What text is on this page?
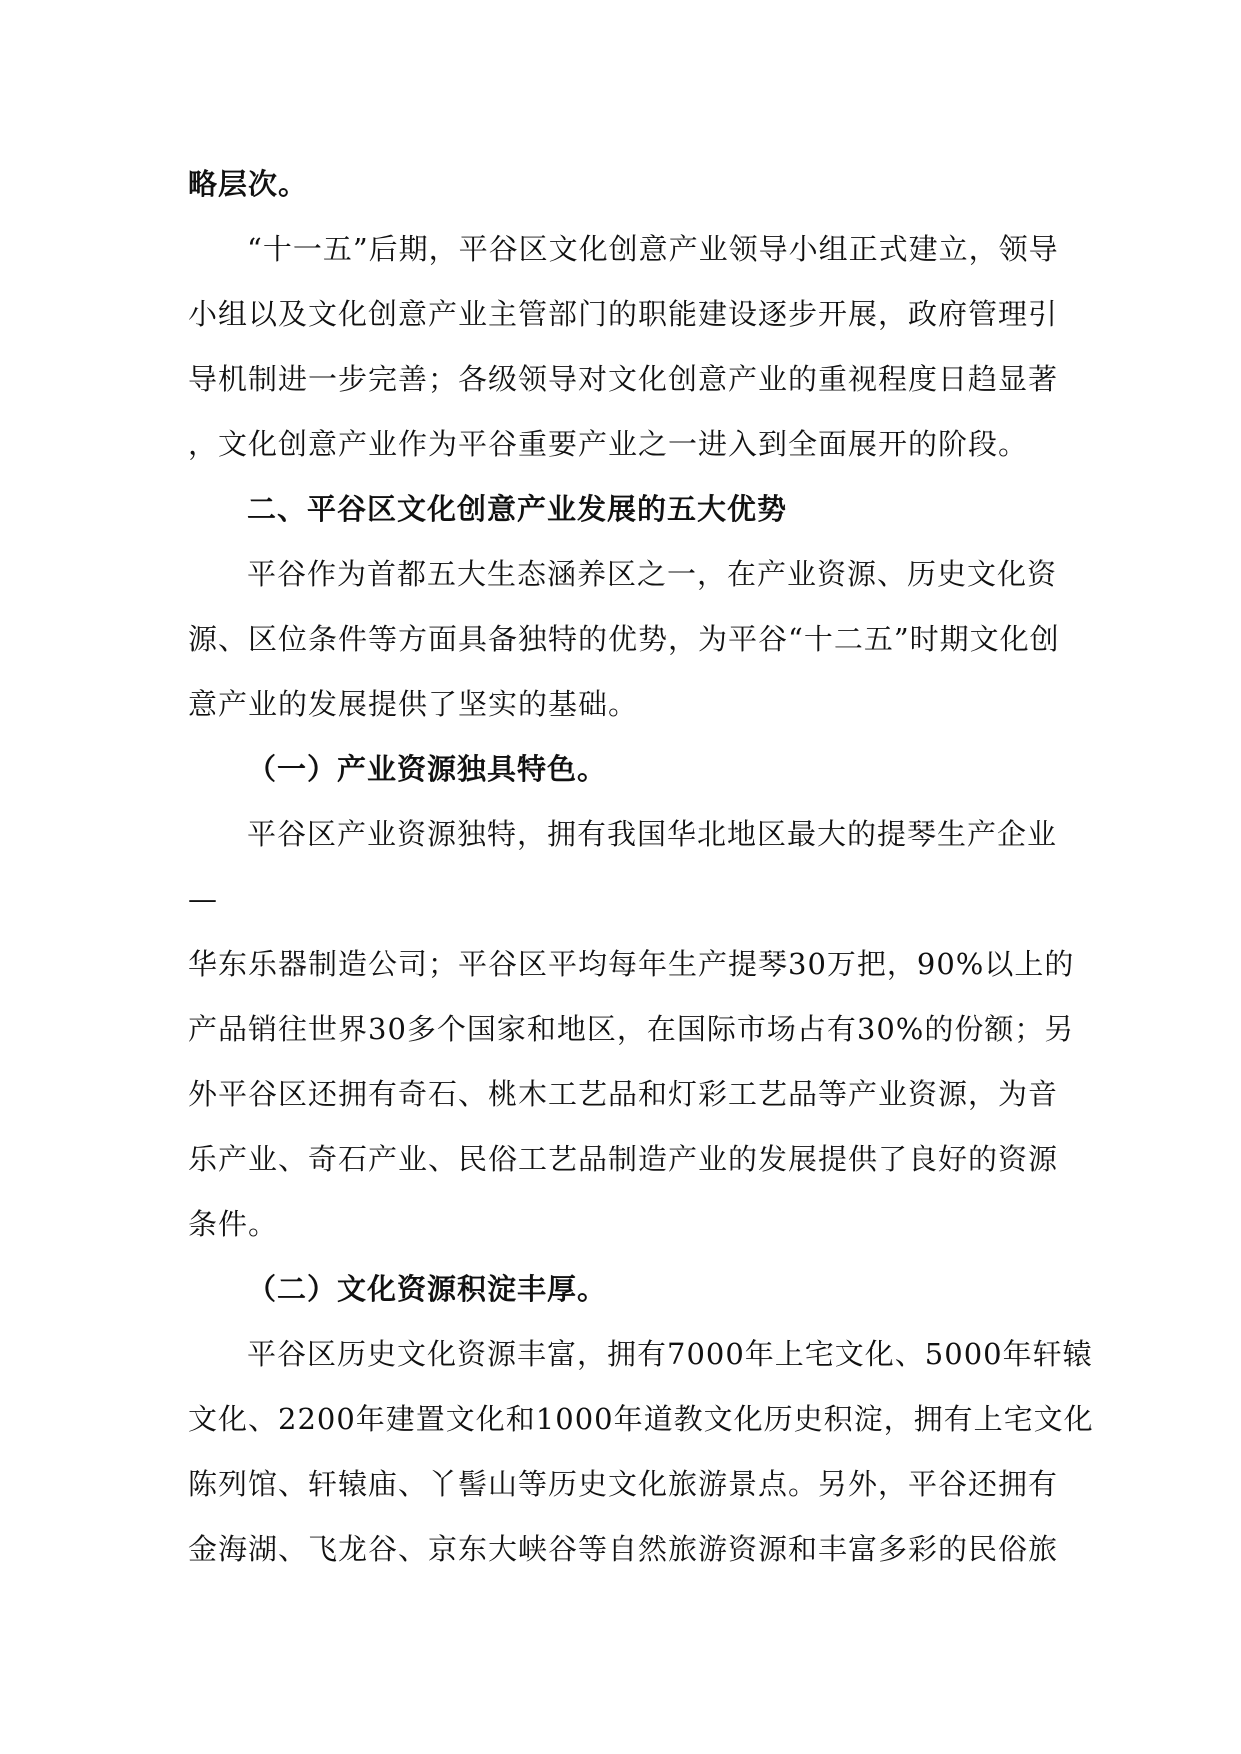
略层次。
“十一五”后期，平谷区文化创意产业领导小组正式建立，领导
小组以及文化创意产业主管部门的职能建设逐步开展，政府管理引
导机制进一步完善；各级领导对文化创意产业的重视程度日趋显著
，文化创意产业作为平谷重要产业之一进入到全面展开的阶段。
二、平谷区文化创意产业发展的五大优势
平谷作为首都五大生态涵养区之一，在产业资源、历史文化资
源、区位条件等方面具备独特的优势，为平谷“十二五”时期文化创
意产业的发展提供了坚实的基础。
（一）产业资源独具特色。
平谷区产业资源独特，拥有我国华北地区最大的提琴生产企业
—
华东乐器制造公司；平谷区平均每年生产提琴30万把，90%以上的
产品销往世界30多个国家和地区，在国际市场占有30%的份额；另
外平谷区还拥有奇石、桃木工艺品和灯彩工艺品等产业资源，为音
乐产业、奇石产业、民俗工艺品制造产业的发展提供了良好的资源
条件。
（二）文化资源积淀丰厚。
平谷区历史文化资源丰富，拥有7000年上宅文化、5000年轩辕
文化、2200年建置文化和1000年道教文化历史积淀，拥有上宅文化
陈列馆、轩辕庙、丫髻山等历史文化旅游景点。另外，平谷还拥有
金海湖、飞龙谷、京东大峡谷等自然旅游资源和丰富多彩的民俗旅
